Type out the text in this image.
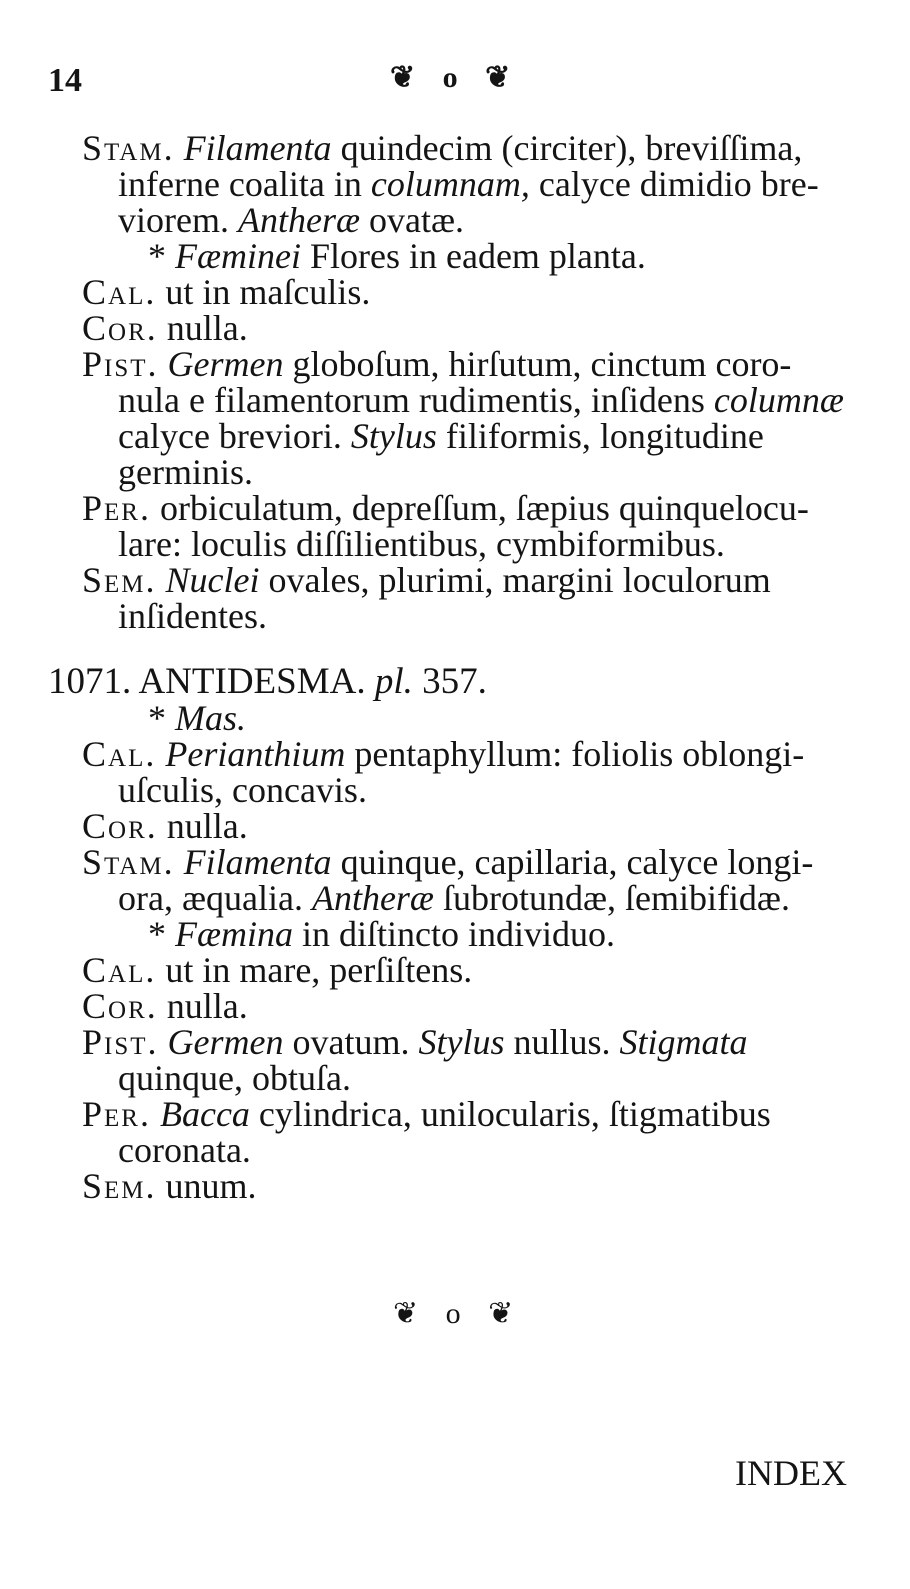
14	❦ o ❦
Stam. Filamenta quindecim (circiter), breviſſima,
inferne coalita in columnam, calyce dimidio bre-
viorem. Antheræ ovatæ.
* Fæminei Flores in eadem planta.
Cal. ut in maſculis.
Cor. nulla.
Pist. Germen globoſum, hirſutum, cinctum coro-
nula e filamentorum rudimentis, inſidens columnæ
calyce breviori. Stylus filiformis, longitudine
germinis.
Per. orbiculatum, depreſſum, ſæpius quinquelocu-
lare: loculis diſſilientibus, cymbiformibus.
Sem. Nuclei ovales, plurimi, margini loculorum
inſidentes.
1071. ANTIDESMA. pl. 357.
* Mas.
Cal. Perianthium pentaphyllum: foliolis oblongi-
uſculis, concavis.
Cor. nulla.
Stam. Filamenta quinque, capillaria, calyce longi-
ora, æqualia. Antheræ ſubrotundæ, ſemibifidæ.
* Fæmina in diſtincto individuo.
Cal. ut in mare, perſiſtens.
Cor. nulla.
Pist. Germen ovatum. Stylus nullus. Stigmata
quinque, obtuſa.
Per. Bacca cylindrica, unilocularis, ſtigmatibus
coronata.
Sem. unum.
❦ o ❦
INDEX
